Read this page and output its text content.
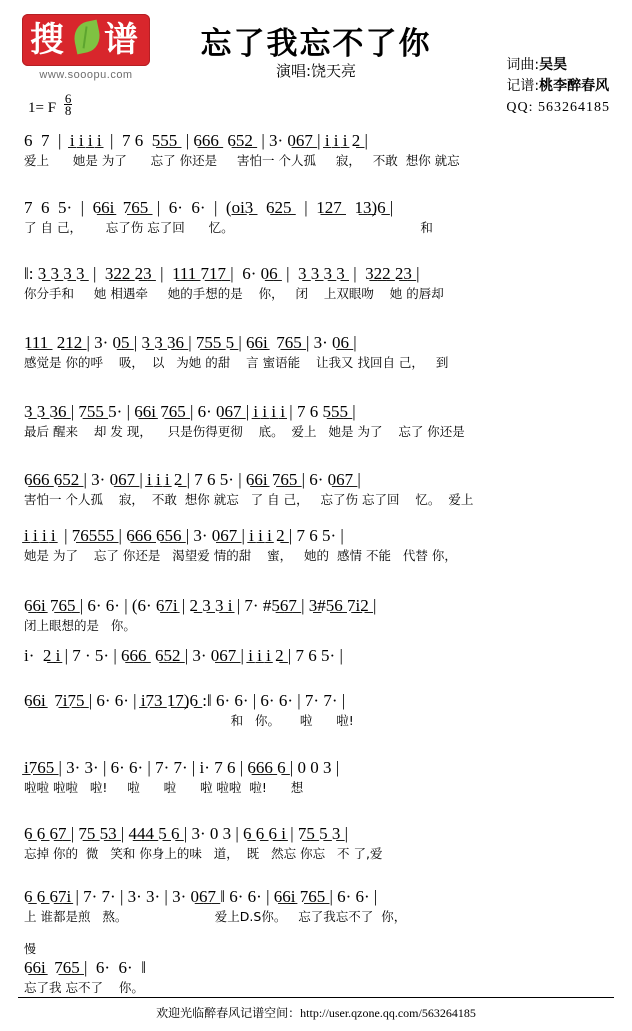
搜 谱
www.sooopu.com
忘了我忘不了你
演唱:饶天亮	词曲:吴昊
记谱:桃李醉春风
QQ: 563264185
1= F $\frac{6}{8}$
6  7  |  i̲ i̲ i̲ i̲  |  7 6  5̲5̲5̲  | 6̲6̲6̲  6̲5̲2̲  | 3· 0̲6̲7̲ | i̲ i̲ i̲ 2̲ |
爱上      她是 为了      忘了 你还是     害怕一 个人孤     寂，   不敢  想你 就忘
7  6  5·  |  6̲6̲i̲  7̲6̲5̲  |  6·  6·  |  (o̲i̲3̲   6̲2̲5̲   |  1̲2̲7̲   1̲3̲)6̲ |
了 自 己，      忘了伤 忘了回      忆。                                               和
‖: 3̲ 3̲ 3̲ 3̲  |  3̲2̲2̲ 2̲3̲  |  1̲1̲1̲ 7̲1̲7̲ |  6· 0̲6̲  |  3̲ 3̲ 3̲ 3̲  |  3̲2̲2̲ 2̲3̲ |
你分手和     她 相遇牵     她的手想的是    你，   闭    上双眼吻    她 的唇却
1̲1̲1̲  2̲1̲2̲ | 3· 0̲5̲ | 3̲ 3̲ 3̲6̲ | 7̲5̲5̲ 5̲ | 6̲6̲i̲  7̲6̲5̲ | 3· 0̲6̲ |
感觉是 你的呼    吸，  以   为她 的甜    言 蜜语能    让我又 找回自 己，   到
3̲ 3̲ 3̲6̲ | 7̲5̲5̲ 5· | 6̲6̲i̲ 7̲6̲5̲ | 6· 0̲6̲7̲ | i̲ i̲ i̲ i̲ | 7 6 5̲5̲5̲ |
最后 醒来    却 发 现，    只是伤得更彻    底。  爱上   她是 为了    忘了 你还是
6̲6̲6̲ 6̲5̲2̲ | 3· 0̲6̲7̲ | i̲ i̲ i̲ 2̲ | 7 6 5· | 6̲6̲i̲ 7̲6̲5̲ | 6· 0̲6̲7̲ |
害怕一 个人孤    寂，  不敢  想你 就忘   了 自 己，   忘了伤 忘了回    忆。  爱上
i̲ i̲ i̲ i̲  | 7̲6̲5̲5̲5̲ | 6̲6̲6̲ 6̲5̲6̲ | 3· 0̲6̲7̲ | i̲ i̲ i̲ 2̲ | 7 6 5· |
她是 为了    忘了 你还是   渴望爱 情的甜    蜜，   她的  感情 不能   代替 你，
6̲6̲i̲ 7̲6̲5̲ | 6· 6· | (6· 6̲7̲i̲ | 2̲ 3̲ 3̲ i̲ | 7· #5̲6̲7̲ | 3̲#5̲6̲ 7̲i̲2̲ |
闭上眼想的是   你。
i·  2̲ i̲ | 7 · 5· | 6̲6̲6̲  6̲5̲2̲ | 3· 0̲6̲7̲ | i̲ i̲ i̲ 2̲ | 7 6 5· |
6̲6̲i̲  7̲i̲7̲5̲ | 6· 6· | i̲7̲3̲ 1̲7̲)6̲ :‖ 6· 6· | 6· 6· | 7· 7· |
和   你。     啦      啦!
i̲7̲6̲5̲ | 3· 3· | 6· 6· | 7· 7· | i· 7 6 | 6̲6̲6̲ 6̲ | 0 0 3 |
啦啦 啦啦   啦!     啦      啦      啦 啦啦  啦!      想
6̲ 6̲ 6̲7̲ | 7̲5̲ 5̲3̲ | 4̲4̲4̲ 5̲ 6̲ | 3· 0 3 | 6̲ 6̲ 6̲ i̲ | 7̲5̲ 5̲ 3̲ |
忘掉 你的  微   笑和 你身上的味   道，  既   然忘 你忘   不 了,爱
6̲ 6̲ 6̲7̲i̲ | 7· 7· | 3· 3· | 3· 0̲6̲7̲ ‖ 6· 6· | 6̲6̲i̲ 7̲6̲5̲ | 6· 6· |
上 谁都是煎   熬。                      爱上D.S你。   忘了我忘不了  你，
慢
6̲6̲i̲  7̲6̲5̲ |  6·  6·  ‖
忘了我 忘不了    你。
欢迎光临醉春风记谱空间：http://user.qzone.qq.com/563264185
